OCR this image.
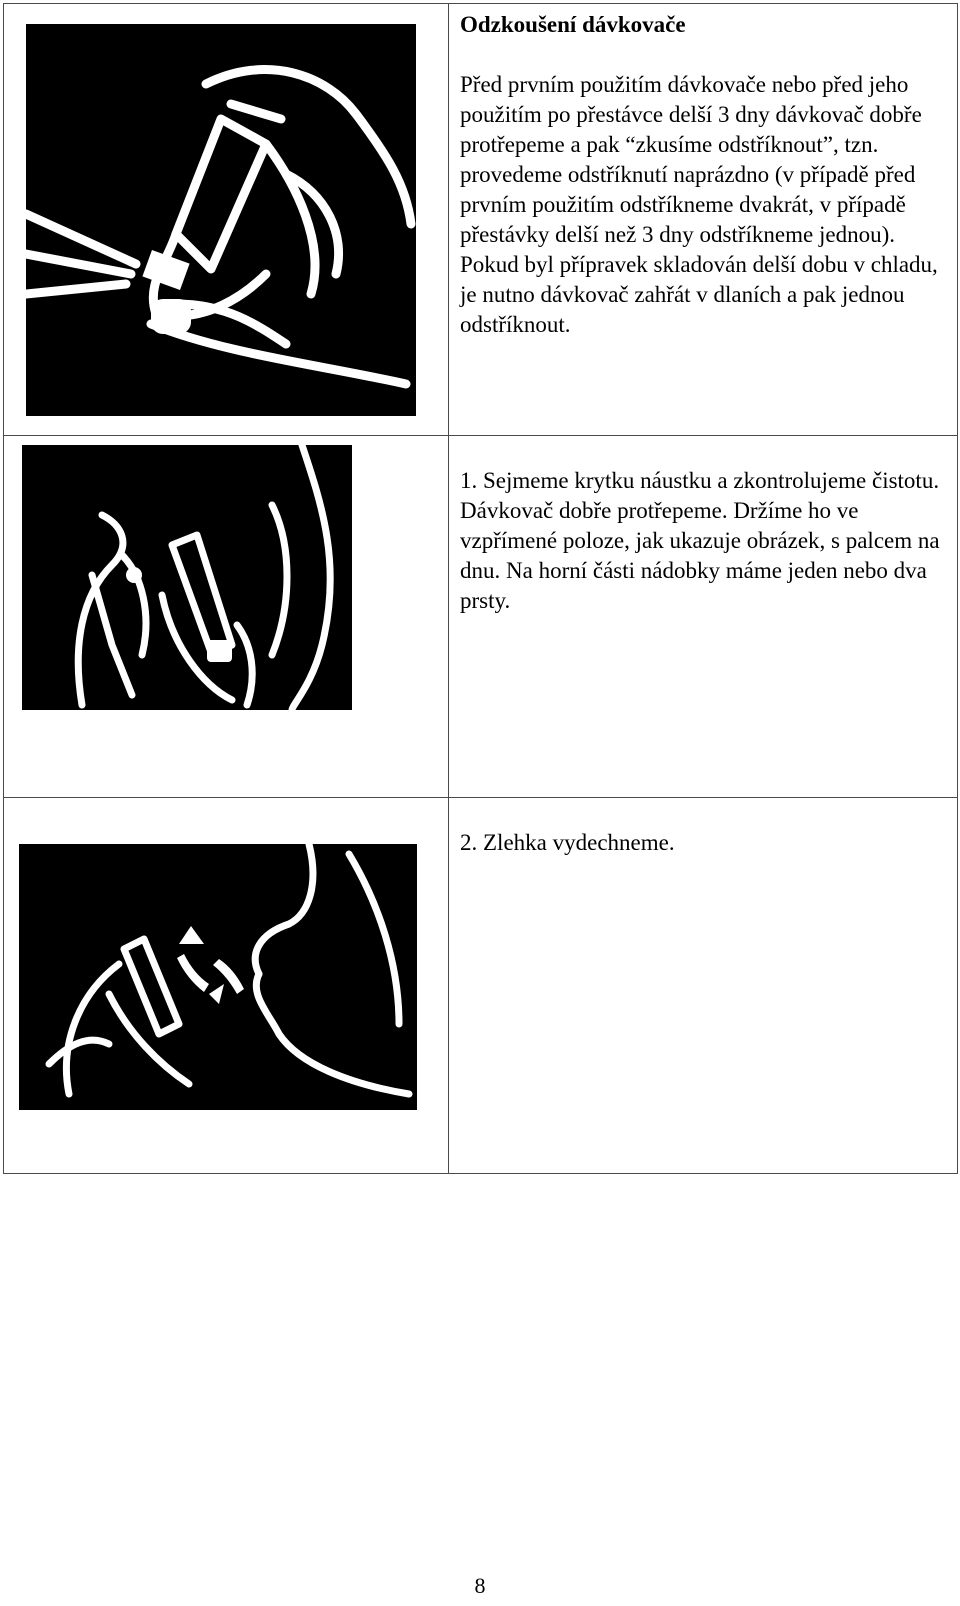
Odzkoušení dávkovače

Před prvním použitím dávkovače nebo před jeho použitím po přestávce delší 3 dny dávkovač dobře protřepeme a pak “zkusíme odstříknout”, tzn. provedeme odstříknutí naprázdno (v případě před prvním použitím odstříkneme dvakrát, v případě přestávky delší než 3 dny odstříkneme jednou). Pokud byl přípravek skladován delší dobu v chladu, je nutno dávkovač zahřát v dlaních a pak jednou odstříknout.

1. Sejmeme krytku náustku a zkontrolujeme čistotu. Dávkovač dobře protřepeme. Držíme ho ve vzpřímené poloze, jak ukazuje obrázek, s palcem na dnu. Na horní části nádobky máme jeden nebo dva prsty.

2. Zlehka vydechneme.

8
